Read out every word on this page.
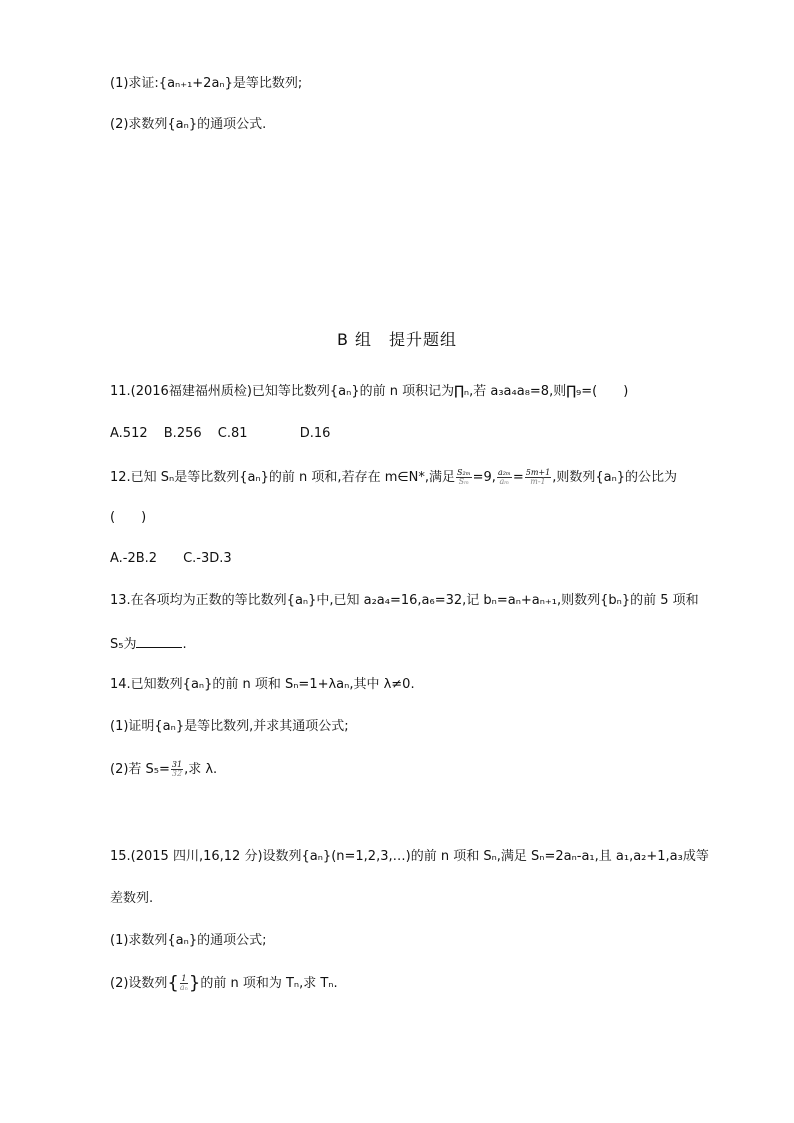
(1)求证:{aₙ₊₁+2aₙ}是等比数列;
(2)求数列{aₙ}的通项公式.
B 组　提升题组
11.(2016福建福州质检)已知等比数列{aₙ}的前 n 项积记为∏ₙ,若 a₃a₄a₈=8,则∏₉=(　　)
A.512 B.256 C.81	D.16
12.已知 Sₙ是等比数列{aₙ}的前 n 项和,若存在 m∈N*,满足 $\frac{\text{S₂ₘ}}{\text{Sₘ}} =9$, $\frac{\text{a₂ₘ}}{\text{aₘ}} = \frac{5m+1}{m-1}$ ,则数列{aₙ}的公比为
(　　)
A.-2B.2　　C.-3D.3
13.在各项均为正数的等比数列{aₙ}中,已知 a₂a₄=16,a₆=32,记 bₙ=aₙ+aₙ₊₁,则数列{bₙ}的前 5 项和
S₅为	.
14.已知数列{aₙ}的前 n 项和 Sₙ=1+λaₙ,其中 λ≠0.
(1)证明{aₙ}是等比数列,并求其通项公式;
(2)若 $S_5= \frac{31}{32}$ ,求 λ.
15.(2015 四川,16,12 分)设数列{aₙ}(n=1,2,3,…)的前 n 项和 Sₙ,满足 Sₙ=2aₙ-a₁,且 a₁,a₂+1,a₃成等
差数列.
(1)求数列{aₙ}的通项公式;
(2)设数列{ $\frac{1}{\text{aₙ}}$ }的前 n 项和为 Tₙ,求 Tₙ.
